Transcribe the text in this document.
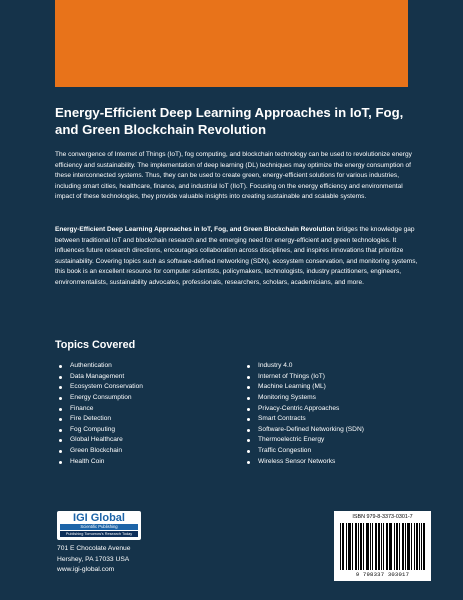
Energy-Efficient Deep Learning Approaches in IoT, Fog, and Green Blockchain Revolution

The convergence of Internet of Things (IoT), fog computing, and blockchain technology can be used to revolutionize energy efficiency and sustainability. The implementation of deep learning (DL) techniques may optimize the energy consumption of these interconnected systems. Thus, they can be used to create green, energy-efficient solutions for various industries, including smart cities, healthcare, finance, and industrial IoT (IIoT). Focusing on the energy efficiency and environmental impact of these technologies, they provide valuable insights into creating sustainable and scalable systems.

Energy-Efficient Deep Learning Approaches in IoT, Fog, and Green Blockchain Revolution bridges the knowledge gap between traditional IoT and blockchain research and the emerging need for energy-efficient and green technologies. It influences future research directions, encourages collaboration across disciplines, and inspires innovations that prioritize sustainability. Covering topics such as software-defined networking (SDN), ecosystem conservation, and monitoring systems, this book is an excellent resource for computer scientists, policymakers, technologists, industry practitioners, engineers, environmentalists, sustainability advocates, professionals, researchers, scholars, academicians, and more.

Topics Covered
Authentication
Data Management
Ecosystem Conservation
Energy Consumption
Finance
Fire Detection
Fog Computing
Global Healthcare
Green Blockchain
Health Coin
Industry 4.0
Internet of Things (IoT)
Machine Learning (ML)
Monitoring Systems
Privacy-Centric Approaches
Smart Contracts
Software-Defined Networking (SDN)
Thermoelectric Energy
Traffic Congestion
Wireless Sensor Networks
IGI Global
Scientific Publishing
Publishing Tomorrow's Research Today
701 E Chocolate Avenue
Hershey, PA 17033 USA
www.igi-global.com
ISBN 979-8-3373-0301-7
9 798337 303017
